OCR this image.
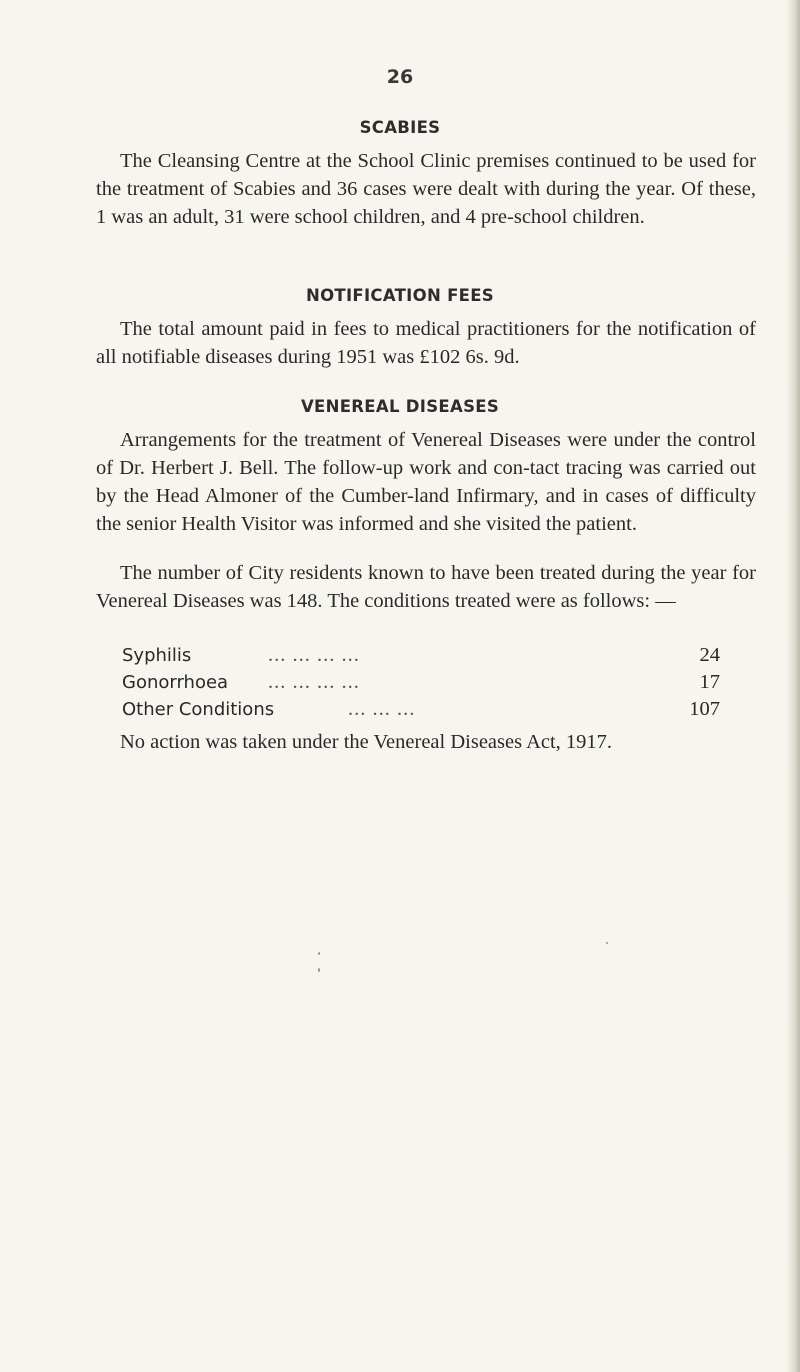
26
SCABIES
The Cleansing Centre at the School Clinic premises continued to be used for the treatment of Scabies and 36 cases were dealt with during the year. Of these, 1 was an adult, 31 were school children, and 4 pre-school children.
NOTIFICATION FEES
The total amount paid in fees to medical practitioners for the notification of all notifiable diseases during 1951 was £102 6s. 9d.
VENEREAL DISEASES
Arrangements for the treatment of Venereal Diseases were under the control of Dr. Herbert J. Bell. The follow-up work and con-tact tracing was carried out by the Head Almoner of the Cumber-land Infirmary, and in cases of difficulty the senior Health Visitor was informed and she visited the patient.
The number of City residents known to have been treated during the year for Venereal Diseases was 148. The conditions treated were as follows: —
Syphilis	... ... ... ...	24
Gonorrhoea ... ... ... ...	17
Other Conditions	... ... ...	107
No action was taken under the Venereal Diseases Act, 1917.
